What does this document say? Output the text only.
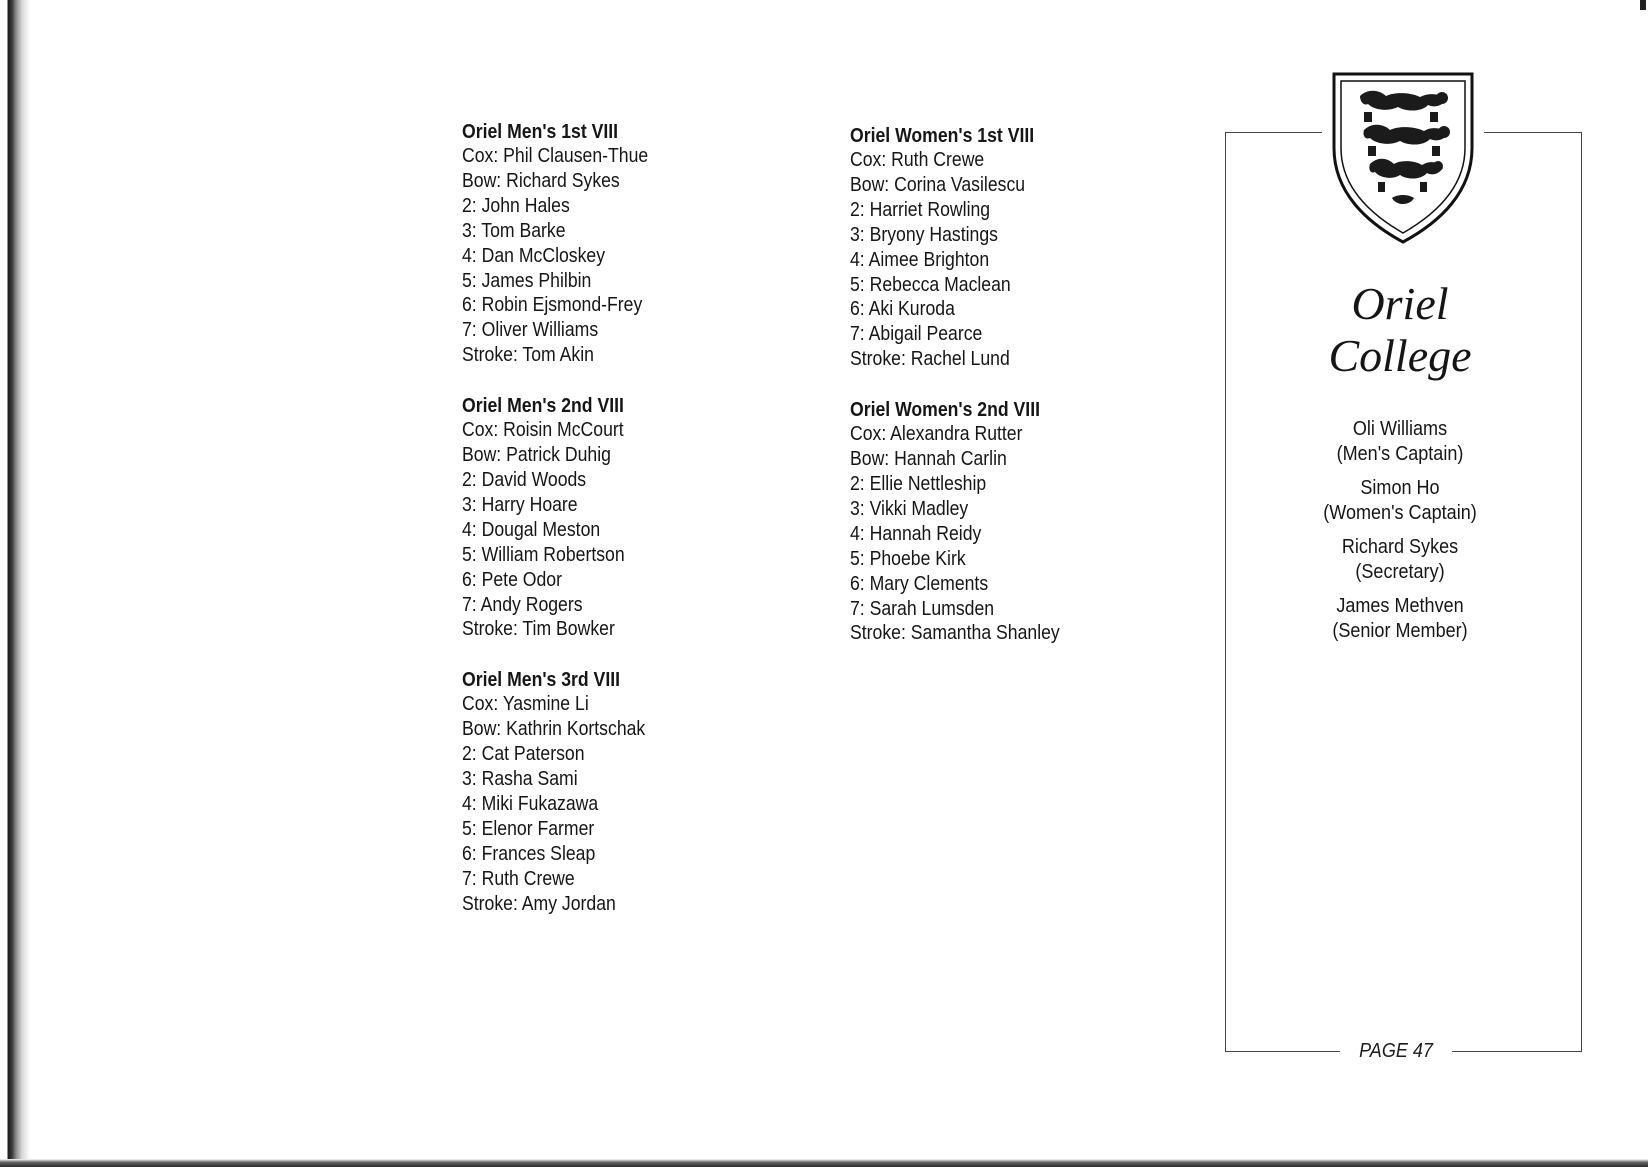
Oriel Men's 1st VIII
Cox: Phil Clausen-Thue
Bow: Richard Sykes
2: John Hales
3: Tom Barke
4: Dan McCloskey
5: James Philbin
6: Robin Ejsmond-Frey
7: Oliver Williams
Stroke: Tom Akin
Oriel Men's 2nd VIII
Cox: Roisin McCourt
Bow: Patrick Duhig
2: David Woods
3: Harry Hoare
4: Dougal Meston
5: William Robertson
6: Pete Odor
7: Andy Rogers
Stroke: Tim Bowker
Oriel Men's 3rd VIII
Cox: Yasmine Li
Bow: Kathrin Kortschak
2: Cat Paterson
3: Rasha Sami
4: Miki Fukazawa
5: Elenor Farmer
6: Frances Sleap
7: Ruth Crewe
Stroke: Amy Jordan
Oriel Women's 1st VIII
Cox: Ruth Crewe
Bow: Corina Vasilescu
2: Harriet Rowling
3: Bryony Hastings
4: Aimee Brighton
5: Rebecca Maclean
6: Aki Kuroda
7: Abigail Pearce
Stroke: Rachel Lund
Oriel Women's 2nd VIII
Cox: Alexandra Rutter
Bow: Hannah Carlin
2: Ellie Nettleship
3: Vikki Madley
4: Hannah Reidy
5: Phoebe Kirk
6: Mary Clements
7: Sarah Lumsden
Stroke: Samantha Shanley
Oriel
College
Oli Williams
(Men's Captain)
Simon Ho
(Women's Captain)
Richard Sykes
(Secretary)
James Methven
(Senior Member)
PAGE 47
